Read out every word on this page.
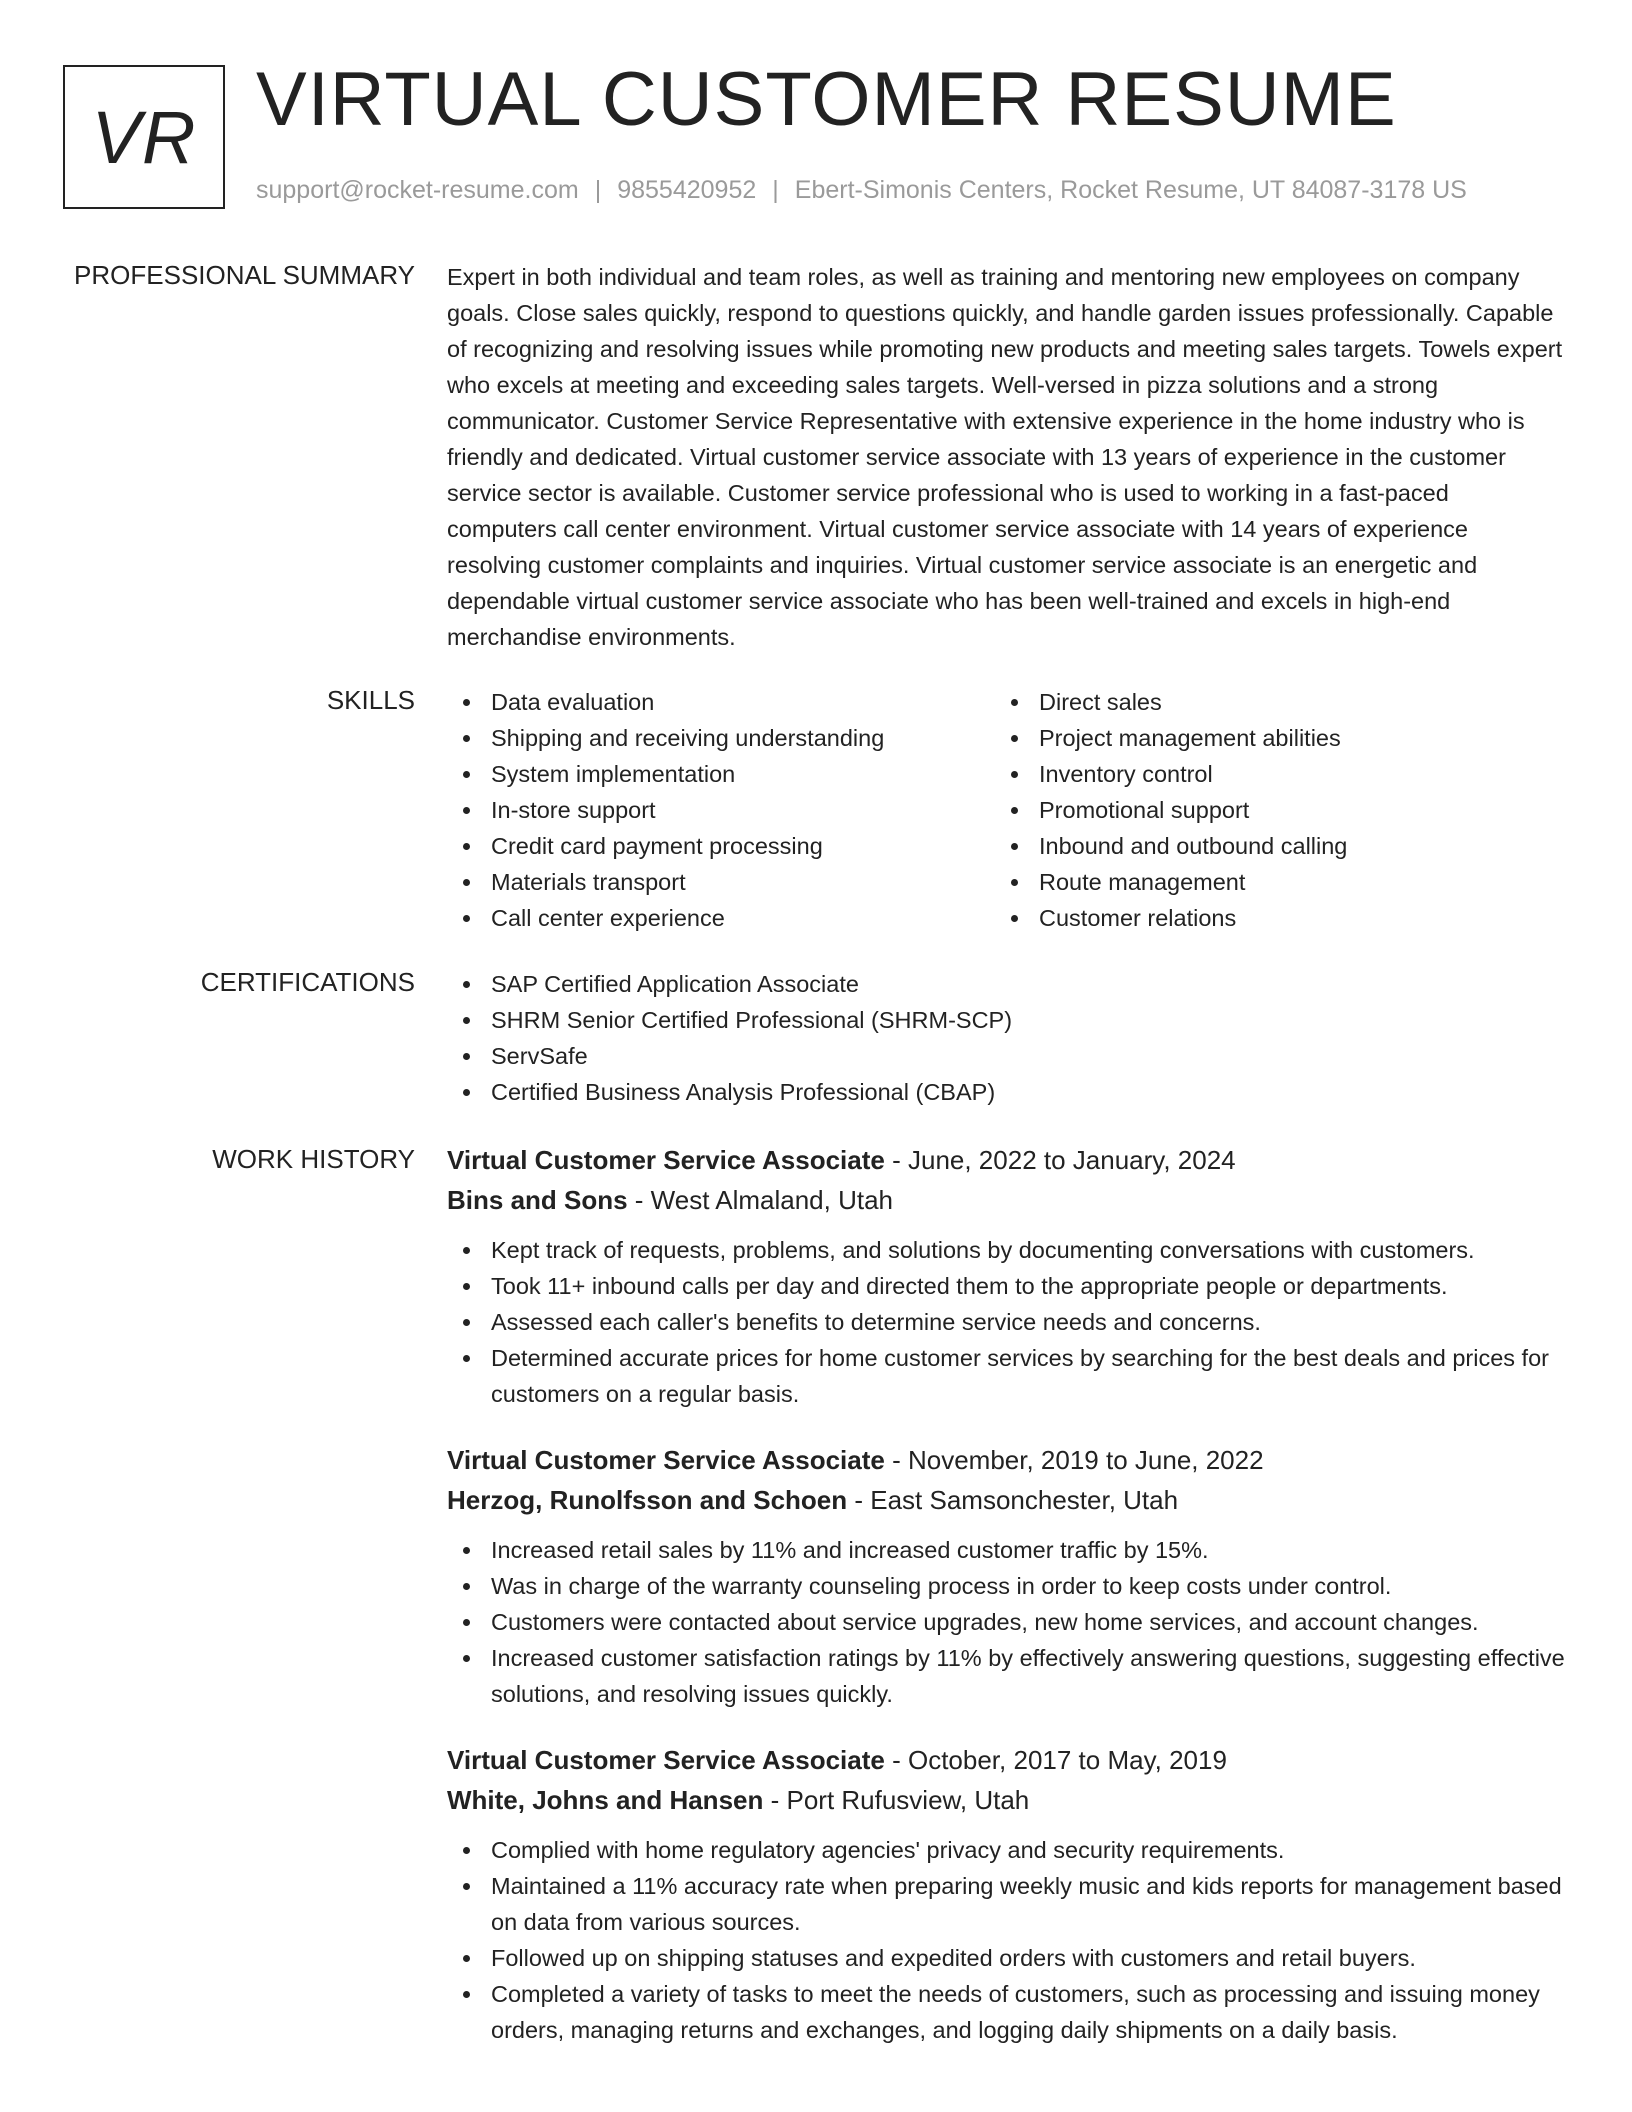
VR VIRTUAL CUSTOMER RESUME
support@rocket-resume.com | 9855420952 | Ebert-Simonis Centers, Rocket Resume, UT 84087-3178 US
PROFESSIONAL SUMMARY Expert in both individual and team roles, as well as training and mentoring new employees on company goals. Close sales quickly, respond to questions quickly, and handle garden issues professionally. Capable of recognizing and resolving issues while promoting new products and meeting sales targets. Towels expert who excels at meeting and exceeding sales targets. Well-versed in pizza solutions and a strong communicator. Customer Service Representative with extensive experience in the home industry who is friendly and dedicated. Virtual customer service associate with 13 years of experience in the customer service sector is available. Customer service professional who is used to working in a fast-paced computers call center environment. Virtual customer service associate with 14 years of experience resolving customer complaints and inquiries. Virtual customer service associate is an energetic and dependable virtual customer service associate who has been well-trained and excels in high-end merchandise environments.

SKILLS	Data evaluation
Shipping and receiving understanding
System implementation
In-store support
Credit card payment processing
Materials transport
Call center experience
Direct sales
Project management abilities
Inventory control
Promotional support
Inbound and outbound calling
Route management
Customer relations
CERTIFICATIONS	SAP Certified Application Associate
SHRM Senior Certified Professional (SHRM-SCP)
ServSafe
Certified Business Analysis Professional (CBAP)
WORK HISTORY Virtual Customer Service Associate - June, 2022 to January, 2024
Bins and Sons - West Almaland, Utah
Kept track of requests, problems, and solutions by documenting conversations with customers.
Took 11+ inbound calls per day and directed them to the appropriate people or departments.
Assessed each caller's benefits to determine service needs and concerns.
Determined accurate prices for home customer services by searching for the best deals and prices for customers on a regular basis.
Virtual Customer Service Associate - November, 2019 to June, 2022
Herzog, Runolfsson and Schoen - East Samsonchester, Utah
Increased retail sales by 11% and increased customer traffic by 15%.
Was in charge of the warranty counseling process in order to keep costs under control.
Customers were contacted about service upgrades, new home services, and account changes.
Increased customer satisfaction ratings by 11% by effectively answering questions, suggesting effective solutions, and resolving issues quickly.
Virtual Customer Service Associate - October, 2017 to May, 2019
White, Johns and Hansen - Port Rufusview, Utah
Complied with home regulatory agencies' privacy and security requirements.
Maintained a 11% accuracy rate when preparing weekly music and kids reports for management based on data from various sources.
Followed up on shipping statuses and expedited orders with customers and retail buyers.
Completed a variety of tasks to meet the needs of customers, such as processing and issuing money orders, managing returns and exchanges, and logging daily shipments on a daily basis.
